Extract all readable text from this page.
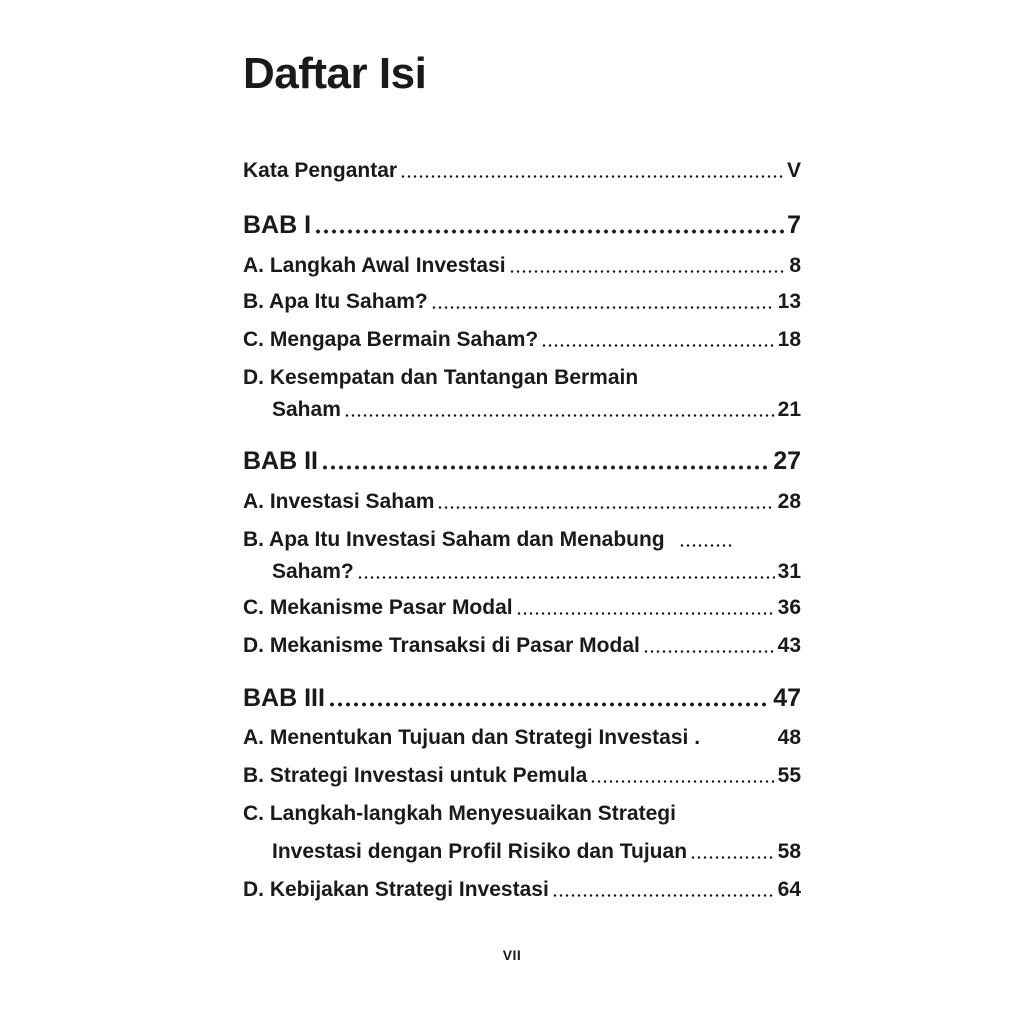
Daftar Isi
Kata Pengantar	V
BAB I	7
A. Langkah Awal Investasi	8
B. Apa Itu Saham?	13
C. Mengapa Bermain Saham?	18
D. Kesempatan dan Tantangan Bermain
Saham	21
BAB II	27
A. Investasi Saham	28
B. Apa Itu Investasi Saham dan Menabung
Saham?	31
C. Mekanisme Pasar Modal	36
D. Mekanisme Transaksi di Pasar Modal	43
BAB III	47
A. Menentukan Tujuan dan Strategi Investasi .	48
B. Strategi Investasi untuk Pemula	55
C. Langkah-langkah Menyesuaikan Strategi
Investasi dengan Profil Risiko dan Tujuan	58
D. Kebijakan Strategi Investasi	64
VII
